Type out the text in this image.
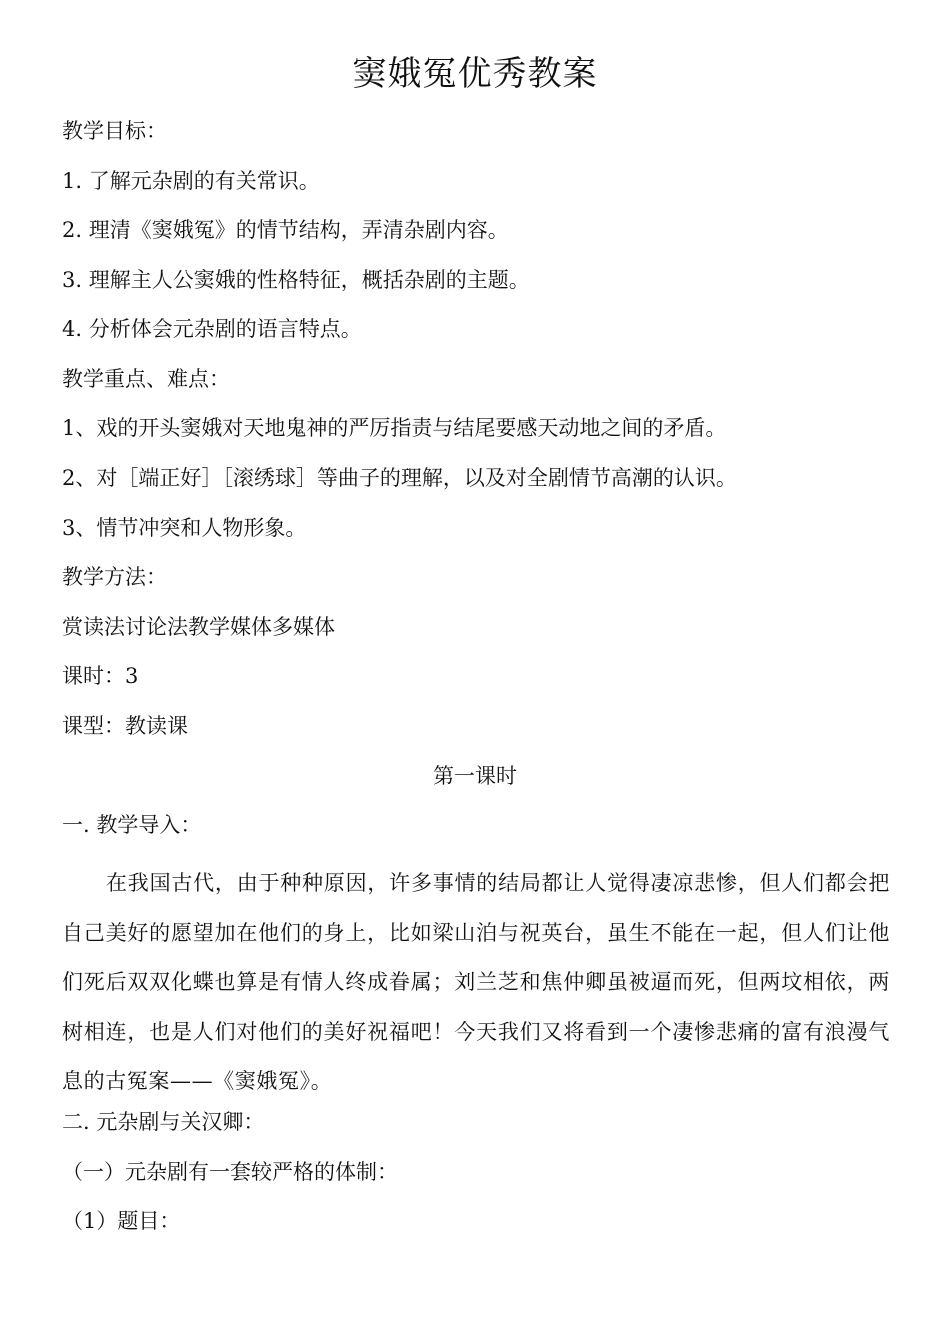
窦娥冤优秀教案
教学目标：
1. 了解元杂剧的有关常识。
2. 理清《窦娥冤》的情节结构，弄清杂剧内容。
3. 理解主人公窦娥的性格特征，概括杂剧的主题。
4. 分析体会元杂剧的语言特点。
教学重点、难点：
1、戏的开头窦娥对天地鬼神的严厉指责与结尾要感天动地之间的矛盾。
2、对［端正好］［滚绣球］等曲子的理解，以及对全剧情节高潮的认识。
3、情节冲突和人物形象。
教学方法：
赏读法讨论法教学媒体多媒体
课时：3
课型：教读课
第一课时
一. 教学导入：
在我国古代，由于种种原因，许多事情的结局都让人觉得凄凉悲惨，但人们都会把自己美好的愿望加在他们的身上，比如梁山泊与祝英台，虽生不能在一起，但人们让他们死后双双化蝶也算是有情人终成眷属；刘兰芝和焦仲卿虽被逼而死，但两坟相依，两树相连，也是人们对他们的美好祝福吧！今天我们又将看到一个凄惨悲痛的富有浪漫气息的古冤案——《窦娥冤》。
二. 元杂剧与关汉卿：
（一）元杂剧有一套较严格的体制：
（1）题目：
